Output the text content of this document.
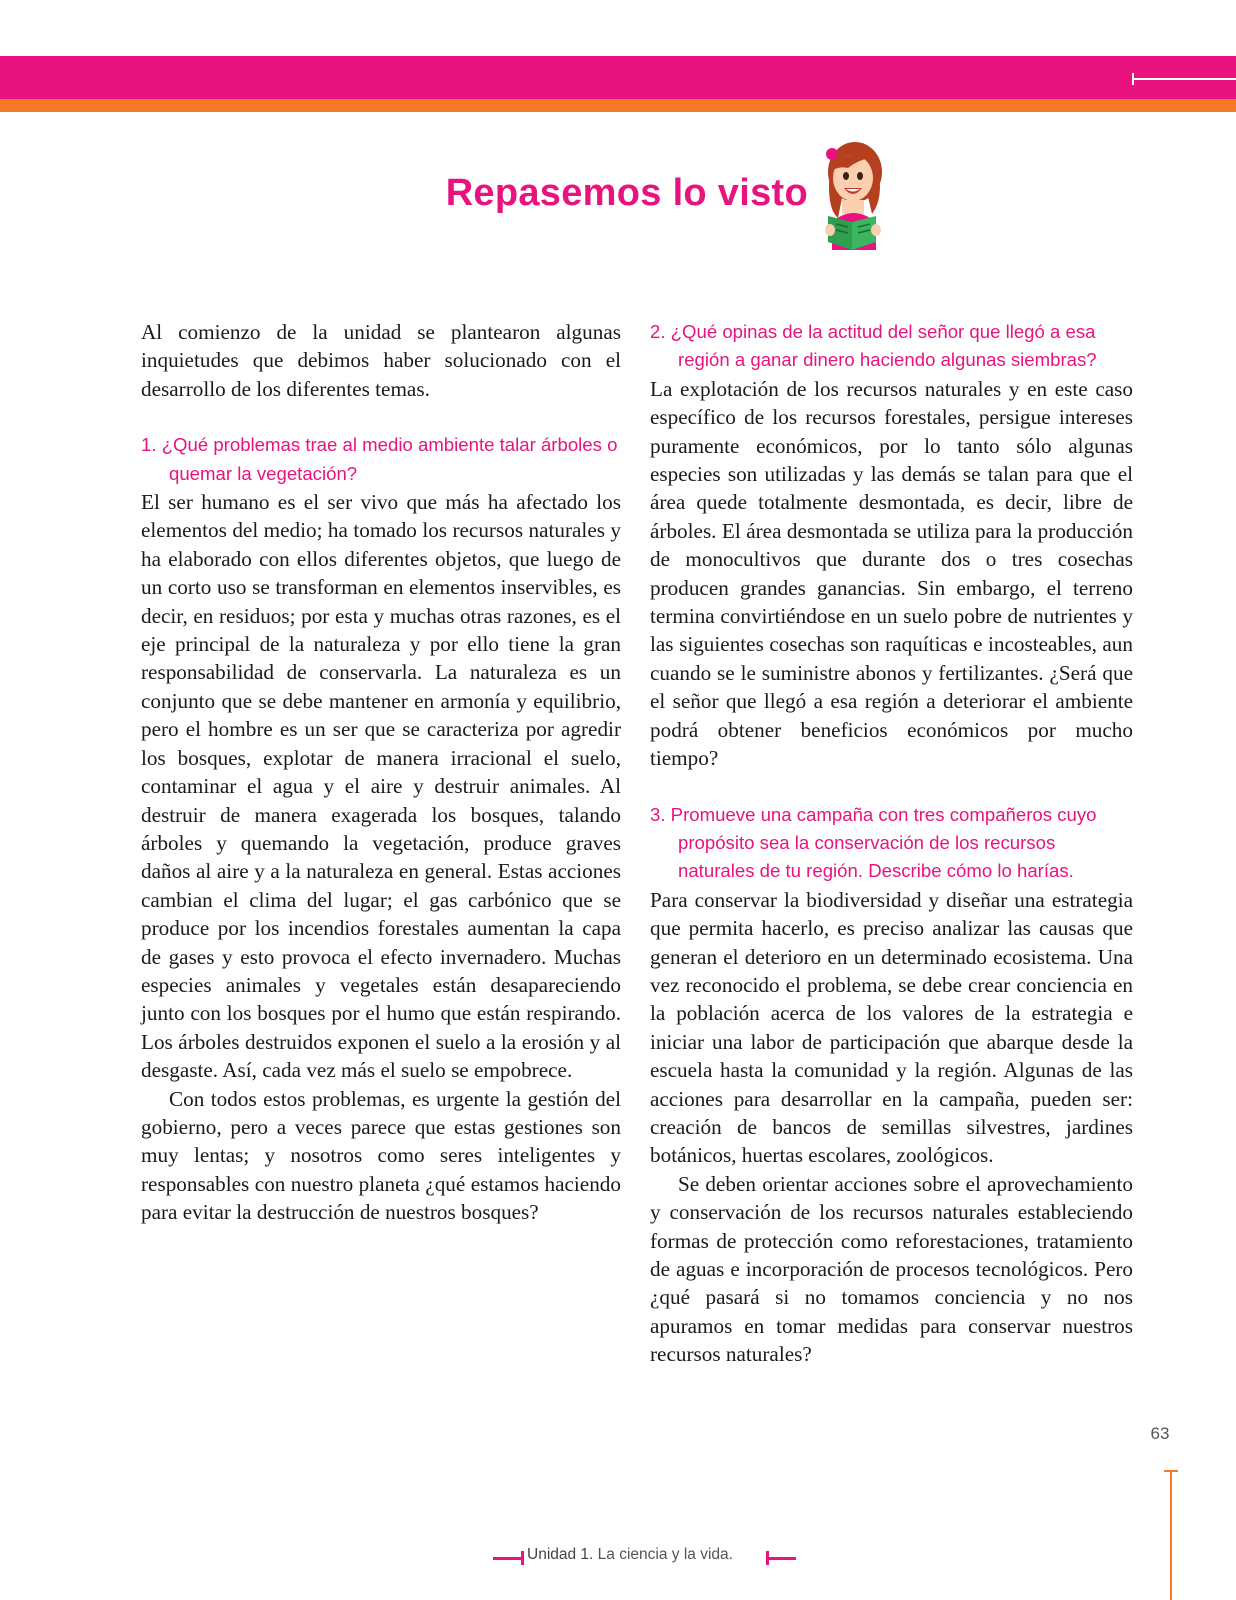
Repasemos lo visto

Al comienzo de la unidad se plantearon algunas inquietudes que debimos haber solucionado con el desarrollo de los diferentes temas.

1. ¿Qué problemas trae al medio ambiente talar árboles o quemar la vegetación?

El ser humano es el ser vivo que más ha afectado los elementos del medio; ha tomado los recursos naturales y ha elaborado con ellos diferentes objetos, que luego de un corto uso se transforman en elementos inservibles, es decir, en residuos; por esta y muchas otras razones, es el eje principal de la naturaleza y por ello tiene la gran responsabilidad de conservarla. La naturaleza es un conjunto que se debe mantener en armonía y equilibrio, pero el hombre es un ser que se caracteriza por agredir los bosques, explotar de manera irracional el suelo, contaminar el agua y el aire y destruir animales. Al destruir de manera exagerada los bosques, talando árboles y quemando la vegetación, produce graves daños al aire y a la naturaleza en general. Estas acciones cambian el clima del lugar; el gas carbónico que se produce por los incendios forestales aumentan la capa de gases y esto provoca el efecto invernadero. Muchas especies animales y vegetales están desapareciendo junto con los bosques por el humo que están respirando. Los árboles destruidos exponen el suelo a la erosión y al desgaste. Así, cada vez más el suelo se empobrece.

Con todos estos problemas, es urgente la gestión del gobierno, pero a veces parece que estas gestiones son muy lentas; y nosotros como seres inteligentes y responsables con nuestro planeta ¿qué estamos haciendo para evitar la destrucción de nuestros bosques?

2. ¿Qué opinas de la actitud del señor que llegó a esa región a ganar dinero haciendo algunas siembras?

La explotación de los recursos naturales y en este caso específico de los recursos forestales, persigue intereses puramente económicos, por lo tanto sólo algunas especies son utilizadas y las demás se talan para que el área quede totalmente desmontada, es decir, libre de árboles. El área desmontada se utiliza para la producción de monocultivos que durante dos o tres cosechas producen grandes ganancias. Sin embargo, el terreno termina convirtiéndose en un suelo pobre de nutrientes y las siguientes cosechas son raquíticas e incosteables, aun cuando se le suministre abonos y fertilizantes. ¿Será que el señor que llegó a esa región a deteriorar el ambiente podrá obtener beneficios económicos por mucho tiempo?

3. Promueve una campaña con tres compañeros cuyo propósito sea la conservación de los recursos naturales de tu región. Describe cómo lo harías.

Para conservar la biodiversidad y diseñar una estrategia que permita hacerlo, es preciso analizar las causas que generan el deterioro en un determinado ecosistema. Una vez reconocido el problema, se debe crear conciencia en la población acerca de los valores de la estrategia e iniciar una labor de participación que abarque desde la escuela hasta la comunidad y la región. Algunas de las acciones para desarrollar en la campaña, pueden ser: creación de bancos de semillas silvestres, jardines botánicos, huertas escolares, zoológicos.

Se deben orientar acciones sobre el aprovechamiento y conservación de los recursos naturales estableciendo formas de protección como reforestaciones, tratamiento de aguas e incorporación de procesos tecnológicos. Pero ¿qué pasará si no tomamos conciencia y no nos apuramos en tomar medidas para conservar nuestros recursos naturales?

63
Unidad 1. La ciencia y la vida.
